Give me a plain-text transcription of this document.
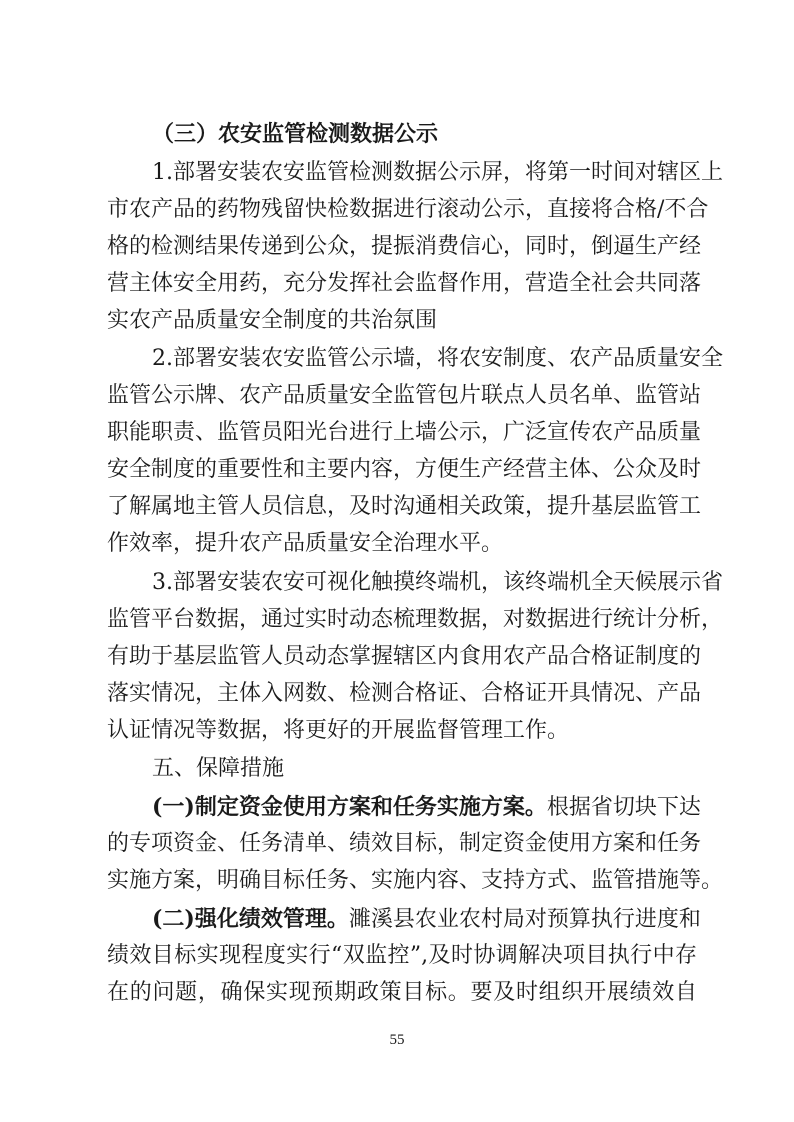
（三）农安监管检测数据公示
1.部署安装农安监管检测数据公示屏，将第一时间对辖区上
市农产品的药物残留快检数据进行滚动公示，直接将合格/不合
格的检测结果传递到公众，提振消费信心，同时，倒逼生产经
营主体安全用药，充分发挥社会监督作用，营造全社会共同落
实农产品质量安全制度的共治氛围
2.部署安装农安监管公示墙，将农安制度、农产品质量安全
监管公示牌、农产品质量安全监管包片联点人员名单、监管站
职能职责、监管员阳光台进行上墙公示，广泛宣传农产品质量
安全制度的重要性和主要内容，方便生产经营主体、公众及时
了解属地主管人员信息，及时沟通相关政策，提升基层监管工
作效率，提升农产品质量安全治理水平。
3.部署安装农安可视化触摸终端机，该终端机全天候展示省
监管平台数据，通过实时动态梳理数据，对数据进行统计分析，
有助于基层监管人员动态掌握辖区内食用农产品合格证制度的
落实情况，主体入网数、检测合格证、合格证开具情况、产品
认证情况等数据，将更好的开展监督管理工作。
五、保障措施
(一)制定资金使用方案和任务实施方案。根据省切块下达
的专项资金、任务清单、绩效目标，制定资金使用方案和任务
实施方案，明确目标任务、实施内容、支持方式、监管措施等。
(二)强化绩效管理。濉溪县农业农村局对预算执行进度和
绩效目标实现程度实行“双监控”,及时协调解决项目执行中存
在的问题，确保实现预期政策目标。要及时组织开展绩效自
55
